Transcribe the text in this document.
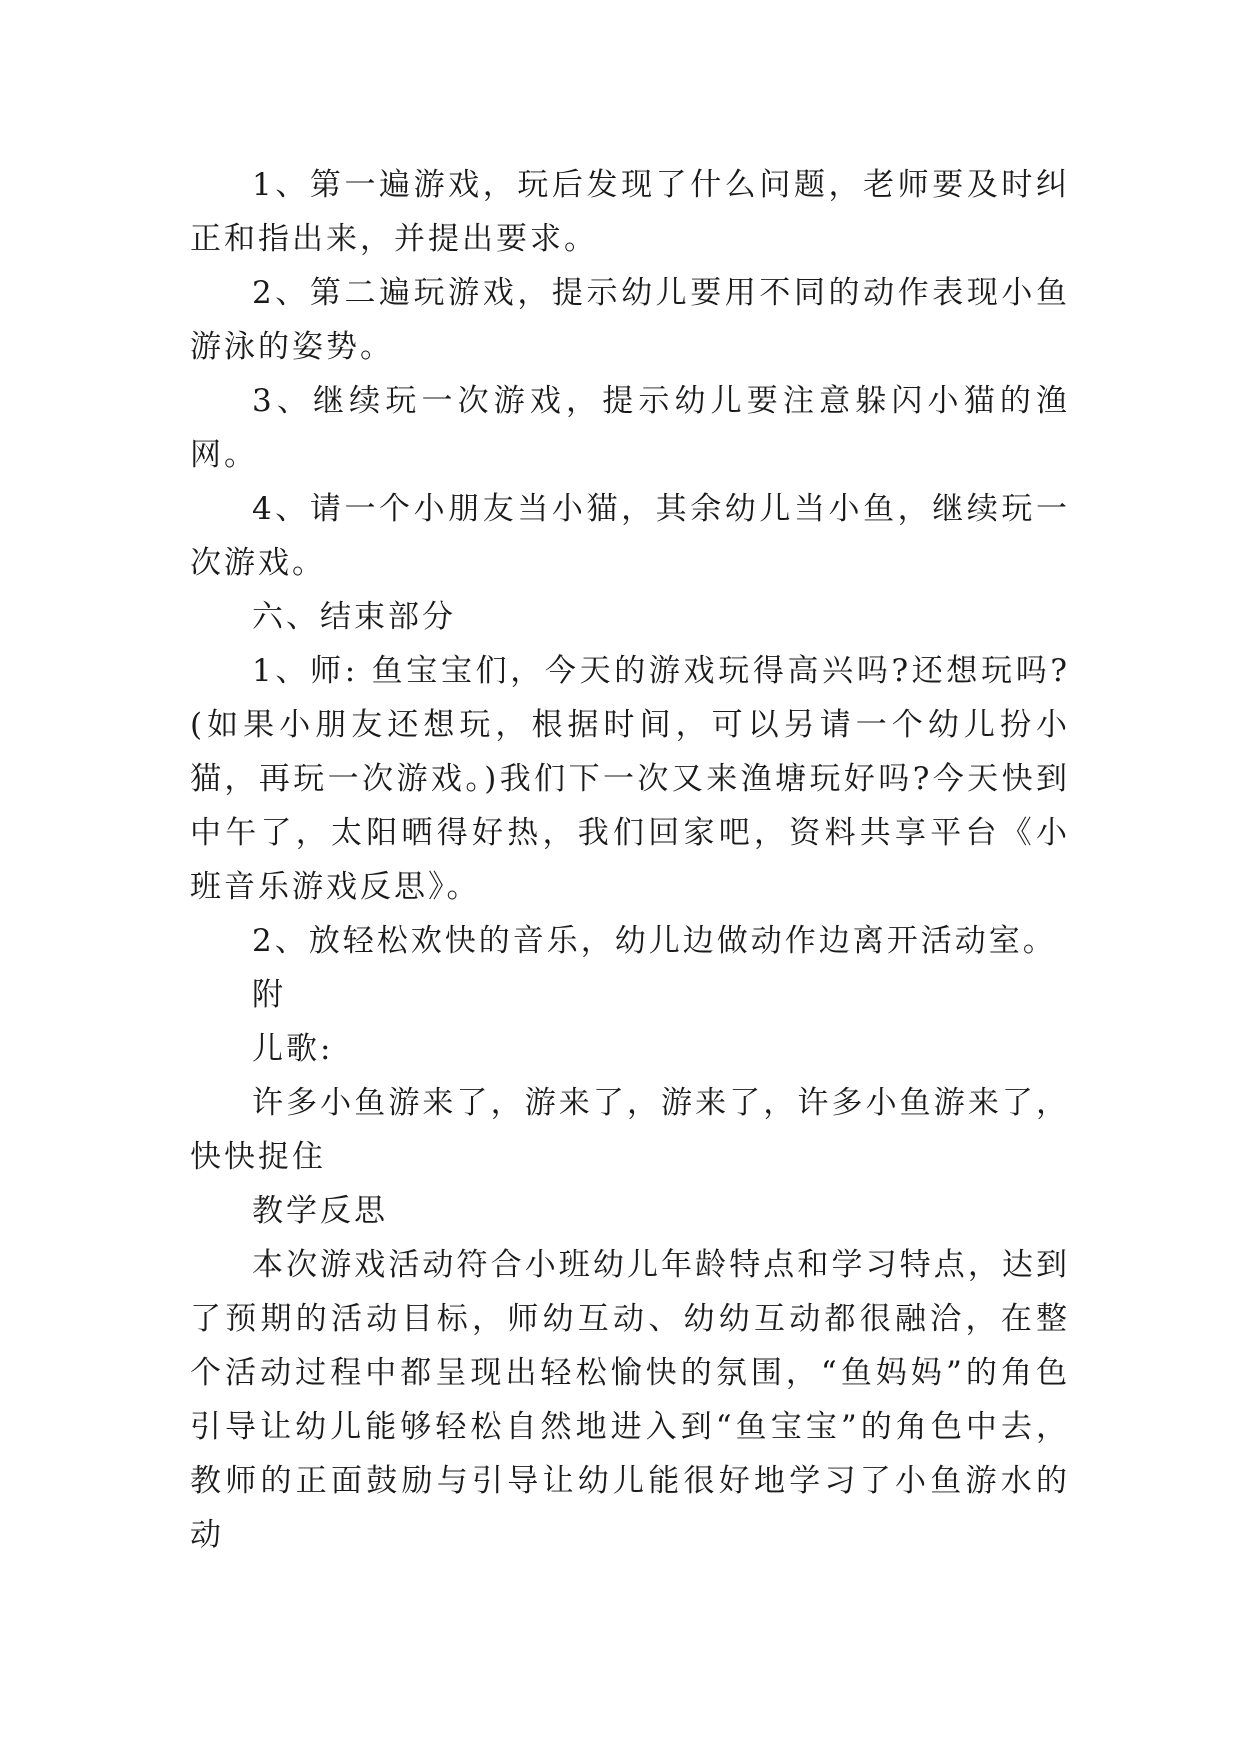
1、第一遍游戏，玩后发现了什么问题，老师要及时纠正和指出来，并提出要求。

2、第二遍玩游戏，提示幼儿要用不同的动作表现小鱼游泳的姿势。

3、继续玩一次游戏，提示幼儿要注意躲闪小猫的渔网。

4、请一个小朋友当小猫，其余幼儿当小鱼，继续玩一次游戏。

六、结束部分

1、师: 鱼宝宝们，今天的游戏玩得高兴吗?还想玩吗?(如果小朋友还想玩，根据时间，可以另请一个幼儿扮小猫，再玩一次游戏。)我们下一次又来渔塘玩好吗?今天快到中午了，太阳晒得好热，我们回家吧，资料共享平台《小班音乐游戏反思》。

2、放轻松欢快的音乐，幼儿边做动作边离开活动室。

附

儿歌:

许多小鱼游来了，游来了，游来了，许多小鱼游来了，快快捉住

教学反思

本次游戏活动符合小班幼儿年龄特点和学习特点，达到了预期的活动目标，师幼互动、幼幼互动都很融洽，在整个活动过程中都呈现出轻松愉快的氛围，“鱼妈妈”的角色引导让幼儿能够轻松自然地进入到“鱼宝宝”的角色中去，教师的正面鼓励与引导让幼儿能很好地学习了小鱼游水的动
